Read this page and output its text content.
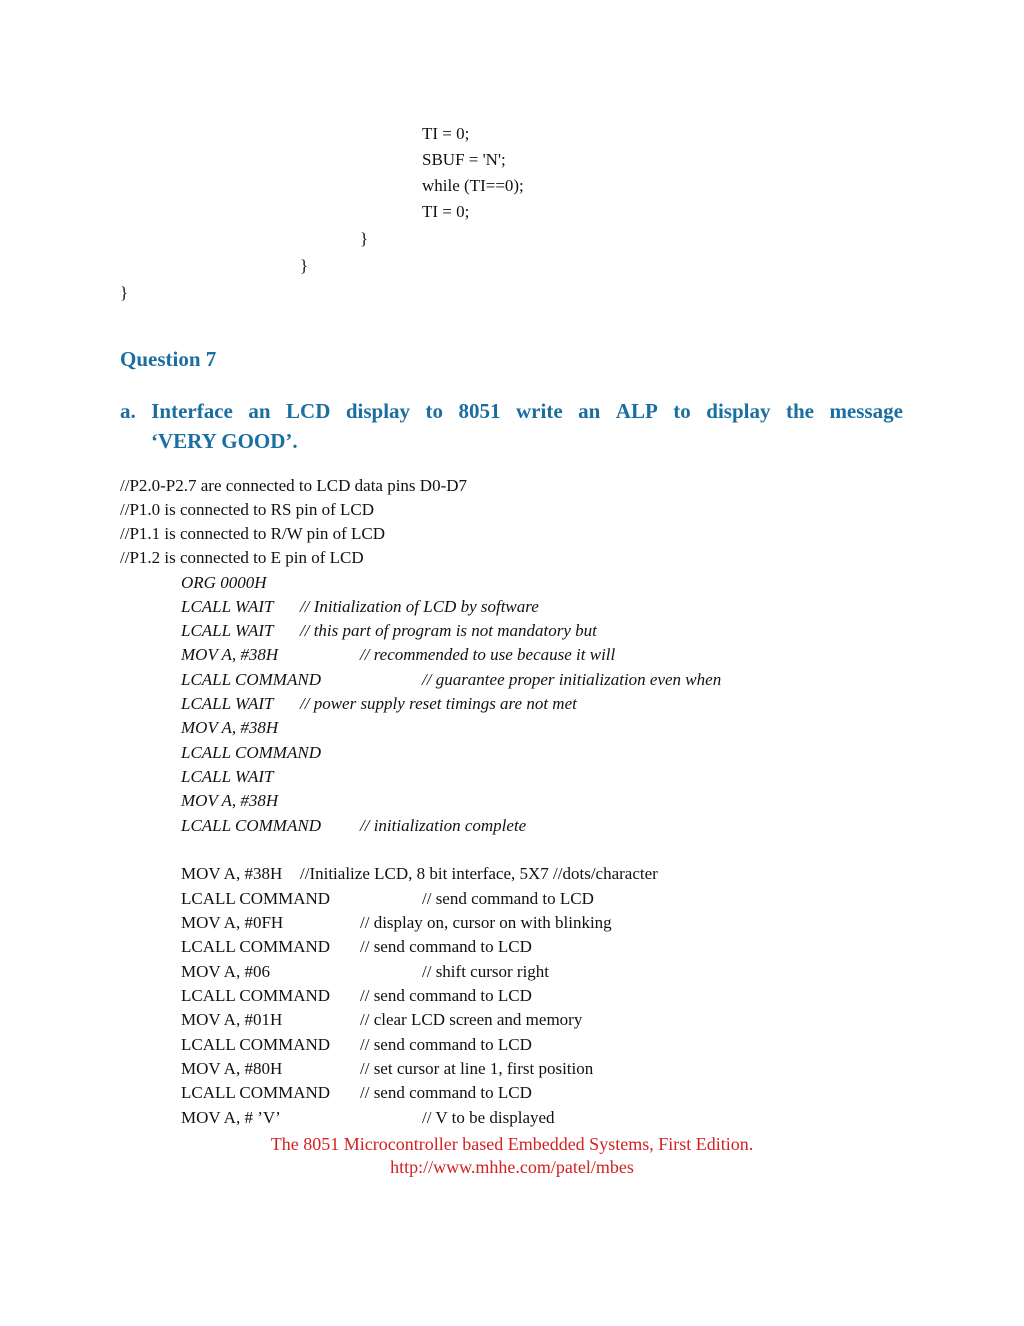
TI = 0;
SBUF = 'N';
while (TI==0);
TI = 0;
}
}
}
Question 7
a. Interface an LCD display to 8051 write an ALP to display the message
‘VERY GOOD’.
//P2.0-P2.7 are connected to LCD data pins D0-D7
//P1.0 is connected to RS pin of LCD
//P1.1 is connected to R/W pin of LCD
//P1.2 is connected to E pin of LCD
ORG 0000H
LCALL WAIT // Initialization of LCD by software
LCALL WAIT // this part of program is not mandatory but
MOV A, #38H	// recommended to use because it will
LCALL COMMAND	// guarantee proper initialization even when
LCALL WAIT // power supply reset timings are not met
MOV A, #38H
LCALL COMMAND
LCALL WAIT
MOV A, #38H
LCALL COMMAND // initialization complete
MOV A, #38H //Initialize LCD, 8 bit interface, 5X7 //dots/character
LCALL COMMAND	// send command to LCD
MOV A, #0FH	// display on, cursor on with blinking
LCALL COMMAND // send command to LCD
MOV A, #06	// shift cursor right
LCALL COMMAND // send command to LCD
MOV A, #01H	// clear LCD screen and memory
LCALL COMMAND // send command to LCD
MOV A, #80H	// set cursor at line 1, first position
LCALL COMMAND // send command to LCD
MOV A, # ’V’	// V to be displayed
The 8051 Microcontroller based Embedded Systems, First Edition.
http://www.mhhe.com/patel/mbes
